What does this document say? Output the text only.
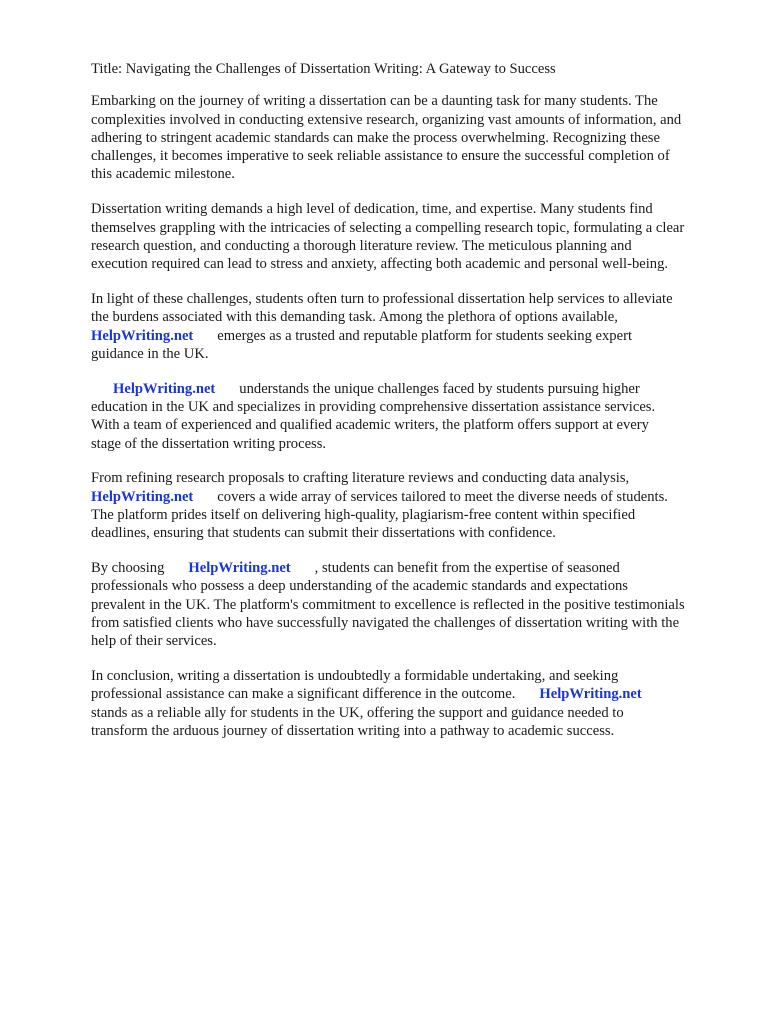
Title: Navigating the Challenges of Dissertation Writing: A Gateway to Success
Embarking on the journey of writing a dissertation can be a daunting task for many students. The
complexities involved in conducting extensive research, organizing vast amounts of information, and
adhering to stringent academic standards can make the process overwhelming. Recognizing these
challenges, it becomes imperative to seek reliable assistance to ensure the successful completion of
this academic milestone.
Dissertation writing demands a high level of dedication, time, and expertise. Many students find
themselves grappling with the intricacies of selecting a compelling research topic, formulating a clear
research question, and conducting a thorough literature review. The meticulous planning and
execution required can lead to stress and anxiety, affecting both academic and personal well-being.
In light of these challenges, students often turn to professional dissertation help services to alleviate
the burdens associated with this demanding task. Among the plethora of options available,
HelpWriting.net emerges as a trusted and reputable platform for students seeking expert
guidance in the UK.
HelpWriting.net understands the unique challenges faced by students pursuing higher
education in the UK and specializes in providing comprehensive dissertation assistance services.
With a team of experienced and qualified academic writers, the platform offers support at every
stage of the dissertation writing process.
From refining research proposals to crafting literature reviews and conducting data analysis,
HelpWriting.net covers a wide array of services tailored to meet the diverse needs of students.
The platform prides itself on delivering high-quality, plagiarism-free content within specified
deadlines, ensuring that students can submit their dissertations with confidence.
By choosing HelpWriting.net , students can benefit from the expertise of seasoned
professionals who possess a deep understanding of the academic standards and expectations
prevalent in the UK. The platform's commitment to excellence is reflected in the positive testimonials
from satisfied clients who have successfully navigated the challenges of dissertation writing with the
help of their services.
In conclusion, writing a dissertation is undoubtedly a formidable undertaking, and seeking
professional assistance can make a significant difference in the outcome. HelpWriting.net
stands as a reliable ally for students in the UK, offering the support and guidance needed to
transform the arduous journey of dissertation writing into a pathway to academic success.
